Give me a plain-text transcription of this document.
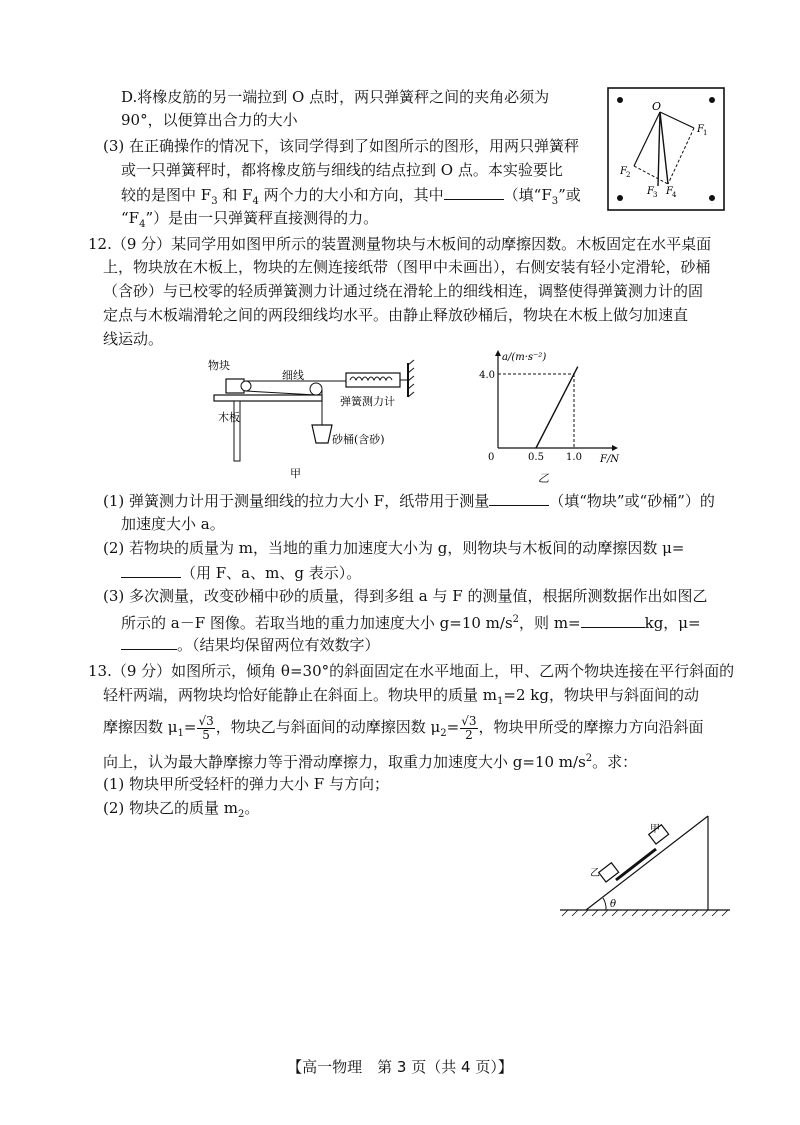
D.将橡皮筋的另一端拉到 O 点时，两只弹簧秤之间的夹角必须为
90°，以便算出合力的大小
(3) 在正确操作的情况下，该同学得到了如图所示的图形，用两只弹簧秤
或一只弹簧秤时，都将橡皮筋与细线的结点拉到 O 点。本实验要比
较的是图中 $F_3$ 和 $F_4$ 两个力的大小和方向，其中	（填“$F_3$”或
“$F_4$”）是由一只弹簧秤直接测得的力。
O
F 1
F 2
F 3 F 4
12.（9 分）某同学用如图甲所示的装置测量物块与木板间的动摩擦因数。木板固定在水平桌面
上，物块放在木板上，物块的左侧连接纸带（图甲中未画出），右侧安装有轻小定滑轮，砂桶
（含砂）与已校零的轻质弹簧测力计通过绕在滑轮上的细线相连，调整使得弹簧测力计的固
定点与木板端滑轮之间的两段细线均水平。由静止释放砂桶后，物块在木板上做匀加速直
线运动。
物块
细线
弹簧测力计
木板
砂桶(含砂)
甲
a/(m·s⁻²)
F/N
0
4.0
0.5 1.0
乙
(1) 弹簧测力计用于测量细线的拉力大小 F，纸带用于测量	（填“物块”或“砂桶”）的
加速度大小 a。
(2) 若物块的质量为 m，当地的重力加速度大小为 g，则物块与木板间的动摩擦因数 μ=
（用 F、a、m、g 表示）。
(3) 多次测量，改变砂桶中砂的质量，得到多组 a 与 F 的测量值，根据所测数据作出如图乙
所示的 a－F 图像。若取当地的重力加速度大小 g=10 $m/s^2$，则 m=	kg，μ=
。（结果均保留两位有效数字）
13.（9 分）如图所示，倾角 θ=30°的斜面固定在水平地面上，甲、乙两个物块连接在平行斜面的
轻杆两端，两物块均恰好能静止在斜面上。物块甲的质量 $m_1=2$ kg，物块甲与斜面间的动
摩擦因数 $\mu_1= \frac{√3}{5}$ ，物块乙与斜面间的动摩擦因数 $\mu_2= \frac{√3}{2}$ ，物块甲所受的摩擦力方向沿斜面
向上，认为最大静摩擦力等于滑动摩擦力，取重力加速度大小 g=10 $m/s^2$。求：
(1) 物块甲所受轻杆的弹力大小 F 与方向；
(2) 物块乙的质量 $m_2$。
θ
乙
甲
【高一物理　第 3 页（共 4 页）】
